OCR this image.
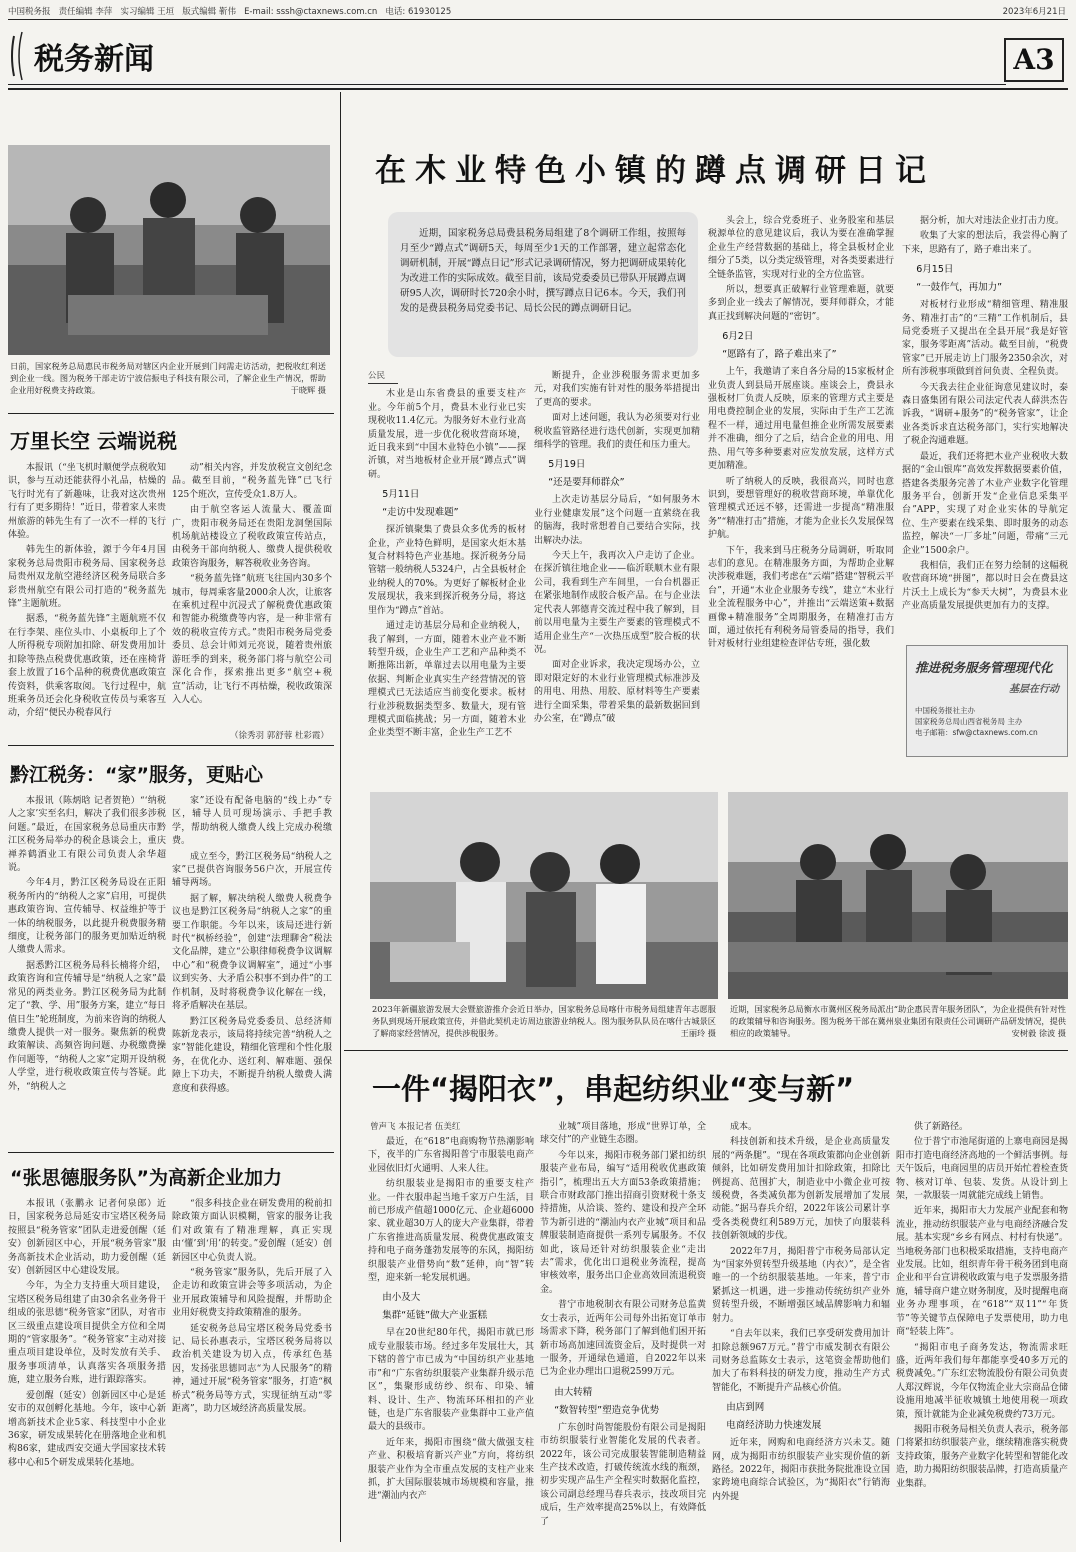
中国税务报 责任编辑 李萍 实习编辑 王垣 版式编辑 靳伟 E-mail: sssh@ctaxnews.com.cn 电话: 61930125	2023年6月21日
税务新闻	A3
日前，国家税务总局惠民市税务局对辖区内企业开展到门问需走访活动，把税收红利送到企业一线。图为税务干部走访宁波信振电子科技有限公司，了解企业生产情况，帮助企业用好税费支持政策。	于晓辉 摄
万里长空 云端说税

本报讯（“坐飞机时顺便学点税收知识，参与互动还能获得小礼品，枯燥的飞行时光有了新趣味，让我对这次贵州行有了更多期待！”近日，带着家人来贵州旅游的韩先生有了一次不一样的飞行体验。

韩先生的新体验，源于今年4月国家税务总局贵阳市税务局、国家税务总局贵州双龙航空港经济区税务局联合多彩贵州航空有限公司打造的“税务蓝先锋”主题航班。

据悉，“税务蓝先锋”主题航班不仅在行李架、座位头巾、小桌板印上了个人所得税专项附加扣除、研发费用加计扣除等热点税费优惠政策，还在座椅背套上放置了16个品种的税费优惠政策宣传资料，供乘客取阅。飞行过程中，航班乘务员还会化身税收宣传员与乘客互动，介绍“便民办税春风行

动”相关内容，并发放税宣文创纪念品。截至目前，“税务蓝先锋”已飞行125个班次，宣传受众1.8万人。

由于航空客运人流量大、覆盖面广，贵阳市税务局还在贵阳龙洞堡国际机场航站楼设立了税收政策宣传站点，由税务干部向纳税人、缴费人提供税收政策咨询服务，解答税收业务咨询。

“税务蓝先锋”航班飞往国内30多个城市，每周乘客量2000余人次，让旅客在乘机过程中沉浸式了解税费优惠政策和智能办税缴费等内容，是一种非常有效的税收宣传方式。”贵阳市税务局党委委员、总会计师刘元亮说，随着贵州旅游旺季的到来，税务部门将与航空公司深化合作，探索推出更多“航空+税宣”活动，让飞行不再枯燥，税收政策深入人心。

（徐秀羽 郭舒蓉 杜彩霞）
黔江税务：“家”服务，更贴心

本报讯（陈炳晗 记者贺艳）“‘纳税人之家’实至名归，解决了我们很多涉税问题。”最近，在国家税务总局重庆市黔江区税务局举办的税企恳谈会上，重庆禅养鹤酒业工有限公司负责人余华超说。

今年4月，黔江区税务局设在正阳税务所内的“纳税人之家”启用，可提供惠政策咨询、宣传辅导、权益维护等于一体的纳税服务，以此提升税费服务精细度，让税务部门的服务更加贴近纳税人缴费人需求。

据悉黔江区税务局科长楠将介绍，政策咨询和宣传辅导是“纳税人之家”最常见的两类业务。黔江区税务局为此制定了“教、学、用”服务方案，建立“每日值日生”轮班制度，为前来咨询的纳税人缴费人提供一对一服务。聚焦新的税费政策解读、高频咨询问题、办税缴费操作问题等，“纳税人之家”定期开设纳税人学堂，进行税收政策宣传与答疑。此外，“纳税人之

家”还设有配备电脑的“线上办”专区，辅导人员可现场演示、手把手教学，帮助纳税人缴费人线上完成办税缴费。

成立至今，黔江区税务局“纳税人之家”已提供咨询服务56户次，开展宣传辅导两场。

据了解，解决纳税人缴费人税费争议也是黔江区税务局“纳税人之家”的重要工作职能。今年以来，该局还进行新时代“枫桥经验”，创建“法理聊舍”税法文化品牌，建立“公职律师税费争议调解中心”和“税费争议调解室”，通过“小事议到实务、大矛盾公积事不到办件”的工作机制，及时将税费争议化解在一线，将矛盾解决在基层。

黔江区税务局党委委员、总经济师陈新龙表示，该局将持续完善“纳税人之家”智能化建设，精细化管理和个性化服务，在优化办、送红利、解难题、强保障上下功夫，不断提升纳税人缴费人满意度和获得感。

“张思德服务队”为高新企业加力

本报讯（张鹏永 记者何泉郎）近日，国家税务总局延安市宝塔区税务局按照县“税务管家”团队走进爱创醒（延安）创新园区中心，开展“税务管家”服务高新技术企业活动，助力爱创醒（延安）创新园区中心建设发展。

今年，为全力支持重大项目建设，宝塔区税务局组建了由30余名业务骨干组成的张思德“税务管家”团队，对省市区三级重点建设项目提供全方位和全周期的“管家服务”。“税务管家”主动对接重点项目建设单位，及时发放有关手、服务事项清单，认真落实各项服务措施，建立服务台账，进行跟踪落实。

爱创醒（延安）创新园区中心是延安市的双创孵化基地。今年，该中心新增高新技术企业5家、科技型中小企业36家，研发成果转化在册落地企业和机构86家，建成西安交通大学国家技术转移中心和5个研发成果转化基地。

“很多科技企业在研发费用的税前扣除政策方面认识模糊，管家的服务让我们对政策有了精准理解，真正实现由‘懂’到‘用’的转变。”爱创醒（延安）创新园区中心负责人说。

“税务管家”服务队，先后开展了入企走访和政策宣讲会等多项活动，为企业开展政策辅导和风险提醒，并帮助企业用好税费支持政策精准的服务。

延安税务总局宝塔区税务局党委书记、局长孙惠表示，宝塔区税务局将以政治机关建设为切入点，传承红色基因，发扬张思德同志“为人民服务”的精神，通过开展“税务管家”服务，打造“枫桥式”税务局等方式，实现征纳互动“零距离”，助力区域经济高质量发展。

在木业特色小镇的蹲点调研日记
近期，国家税务总局费县税务局组建了8个调研工作组，按照每月至少“蹲点式”调研5天，每周至少1天的工作部署，建立起常态化调研机制，开展“蹲点日记”形式记录调研情况，努力把调研成果转化为改进工作的实际成效。截至目前，该局党委委员已带队开展蹲点调研95人次，调研时长720余小时，撰写蹲点日记6本。今天，我们刊发的是费县税务局党委书记、局长公民的蹲点调研日记。
公民

木业是山东省费县的重要支柱产业。今年前5个月，费县木业行业已实现税收11.4亿元。为服务好木业行业高质量发展，进一步优化税收营商环境，近日我来到“中国木业特色小镇”——探沂镇，对当地板材企业开展“蹲点式”调研。

5月11日
“走访中发现难题”

探沂镇聚集了费县众多优秀的板材企业，产业特色鲜明，是国家火炬木基复合材料特色产业基地。探沂税务分局管辖一般纳税人5324户，占全县板材企业纳税人的70%。为更好了解板材企业发展现状，我来到探沂税务分局，将这里作为“蹲点”首站。

通过走访基层分局和企业纳税人，我了解到，一方面，随着木业产业不断转型升级，企业生产工艺和产品种类不断推陈出新，单靠过去以用电量为主要依据、判断企业真实生产经营情况的管理模式已无法适应当前变化要求。板材行业涉税数据类型多、数量大，现有管理模式面临挑战；另一方面，随着木业企业类型不断丰富，企业生产工艺不

断提升，企业涉税服务需求更加多元，对我们实施有针对性的服务举措提出了更高的要求。

面对上述问题，我认为必须要对行业税收监管路径进行迭代创新，实现更加精细科学的管理。我们的责任和压力重大。

5月19日
“还是要拜师群众”

上次走访基层分局后，“如何服务木业行业健康发展”这个问题一直萦绕在我的脑海，我时常想着自己要结合实际，找出解决办法。

今天上午，我再次入户走访了企业。在探沂镇往地企业——临沂联顺木业有限公司，我看到生产车间里，一台台机器正在紧张地制作成胶合板产品。在与企业法定代表人郭德青交流过程中我了解到，目前以用电量为主要生产要素的管理模式不适用企业生产“一次热压成型”胶合板的状况。

面对企业诉求，我决定现场办公，立即对限定好的木业行业管理模式标准涉及的用电、用热、用胶、原材料等生产要素进行全面采集，带着采集的最新数据回到办公室，在“蹲点”破

头会上，综合党委班子、业务股室和基层税源单位的意见建议后，我认为要在准确掌握企业生产经营数据的基础上，将全县板材企业细分了5类，以分类定级管理，对各类要素进行全链条监管，实现对行业的全方位监管。

所以，想要真正破解行业管理难题，就要多到企业一线去了解情况，要拜师群众，才能真正找到解决问题的“密钥”。

6月2日
“愿路有了，路子难出来了”

上午，我邀请了来自各分局的15家板材企业负责人到县局开展座谈。座谈会上，费县永强板材厂负责人反映，原来的管理方式主要是用电费控制企业的发展，实际由于生产工艺流程不一样，通过用电量但推企业所需发展要素并不准确，细分了之后，结合企业的用电、用热、用气等多种要素对应发放发展，这样方式更加精准。

听了纳税人的反映，我很高兴，同时也意识到，要想管理好的税收营商环境，单靠优化管理模式还远不够，还需进一步提高“精准服务”“精准打击”措施，才能为企业长久发展保驾护航。

下午，我来到马庄税务分局调研，听取同志们的意见。在精准服务方面，为帮助企业解决涉税难题，我们考虑在“云端”搭建“智税云平台”，开通“木业企业服务专线”，建立“木业行业全流程服务中心”，并推出“云端送策+数据画像+精准服务”全周期服务，在精准打击方面，通过依托有利税务局管委局的指导，我们针对板材行业组建检查评估专班，强化数

据分析，加大对违法企业打击力度。

收集了大家的想法后，我尝得心胸了下来，思路有了，路子难出来了。

6月15日
“一鼓作气，再加力”

对板材行业形成“精细管理、精准服务、精准打击”的“三精”工作机制后，县局党委班子又提出在全县开展“我是好管家，服务零距离”活动。截至目前，“税费管家”已开展走访上门服务2350余次，对所有涉税事项做到首问负责、全程负责。

今天我去往企业征询意见建议时，泰森日盛集团有限公司法定代表人薛洪杰告诉我，“调研+服务”的“税务管家”，让企业各类诉求直达税务部门，实行实地解决了税企沟通难题。

最近，我们还将把木业产业税收大数据的“金山银库”高效发挥数据要素价值，搭建各类服务完善了木业产业数字化管理服务平台，创新开发“企业信息采集平台”APP，实现了对企业实体的导航定位、生产要素在线采集、即时服务的动态监控，解决“一厂多址”问题，带痛“三元企业”1500余户。

我相信，我们正在努力绘制的这幅税收营商环境“拼图”，都以时日会在费县这片沃土上成长为“参天大树”，为费县木业产业高质量发展提供更加有力的支撑。

推进税务服务管理现代化
基层在行动
中国税务报社主办
国家税务总局山西省税务局 主办
电子邮箱：sfw@ctaxnews.com.cn
2023年新疆旅游发展大会暨旅游推介会近日举办，国家税务总局喀什市税务局组建青年志愿服务队到现场开展政策宣传，并借此契机走访周边旅游业纳税人。图为服务队队员在喀什古城景区了解商家经营情况，提供涉税服务。	王丽玲 摄
近期，国家税务总局衡水市冀州区税务局派出“助企惠民青年服务团队”，为企业提供有针对性的政策辅导和咨询服务。图为税务干部在冀州泉业集团有限责任公司调研产品研发情况，提供相应的政策辅导。	安树毅 徐波 摄
一件“揭阳衣”，串起纺织业“变与新”
曾声飞 本报记者 伍美红

最近，在“618”电商购物节热潮影响下，夜半的广东省揭阳普宁市服装电商产业园依旧灯火通明、人来人往。

纺织服装业是揭阳市的重要支柱产业。一件衣服串起当地千家万户生活，目前已形成产值超1000亿元、企业超6000家、就业超30万人的庞大产业集群，带着广东省推进高质量发展、税费优惠政策支持和电子商务蓬勃发展等的东风，揭阳纺织服装产业借势向“数”延伸，向“智”转型，迎来新一轮发展机遇。

由小及大
集群“延链”做大产业蛋糕

早在20世纪80年代，揭阳市就已形成专业服装市场。经过多年发展壮大，其下辖的普宁市已成为“中国纺织产业基地市”和“广东省纺织服装产业集群升级示范区”，集聚形成纺纱、织布、印染、辅料、设计、生产、物流环环相扣的产业链，也是广东省服装产业集群中工业产值最大的县级市。

近年来，揭阳市围绕“做大做强支柱产业、积极培育新兴产业”方向，将纺织服装产业作为全市重点发展的支柱产业来抓，扩大国际服装城市场规模和容量，推进“潮汕内衣产

业城”项目落地，形成“世界订单，全球交付”的产业链生态圈。

今年以来，揭阳市税务部门紧扣纺织服装产业布局，编写“适用税收优惠政策指引”，梳理出五大方面53条政策措施；联合市财政部门推出招商引资财税十条支持措施，从洽谈、签约、建设和投产全环节为新引进的“潮汕内衣产业城”项目和品牌服装制造商提供一系列专属服务。不仅如此，该局还针对纺织服装企业“走出去”需求，优化出口退税业务流程，提高审核效率，服务出口企业高效回流退税资金。

普宁市地税制衣有限公司财务总监黄女士表示，近两年公司每外出拓宽订单市场需求下降，税务部门了解到他们困开拓新市场高加速回流资金后，及时提供一对一服务，开通绿色通道，自2022年以来已为企业办理出口退税2599万元。

由大转精
“数智转型”塑造竞争优势

广东创时尚智能股份有限公司是揭阳市纺织服装行业智能化发展的代表者。2022年，该公司完成服装智能制造精益生产技术改造，打破传统流水线的瓶颈，初步实现产品生产全程实时数据化监控，该公司副总经理马春兵表示，技改项目完成后，生产效率提高25%以上，有效降低了

成本。

科技创新和技术升级，是企业高质量发展的“两条腿”。“现在各项政策都向企业创新倾斜，比如研发费用加计扣除政策，扣除比例提高、范围扩大，制造业中小微企业可按缓税费，各类减负都为创新发展增加了发展动能。”据马春兵介绍，2022年该公司累计享受各类税费红利589万元，加快了向服装科技创新领域的步伐。

2022年7月，揭阳普宁市税务局部认定为“国家外贸转型升级基地（内衣）”，是全省唯一的一个纺织服装基地。一年来，普宁市紧抓这一机遇，进一步推动传统纺织产业外贸转型升级，不断增强区域品牌影响力和辐射力。

“自去年以来，我们已享受研发费用加计扣除总额967万元。”普宁市威发制衣有限公司财务总监陈女士表示，这笔资金帮助他们加大了布料科技的研发力度，推动生产方式智能化，不断提升产品核心价值。

由店到网
电商经济助力快速发展

近年来，网购和电商经济方兴未艾。随网，成为揭阳市纺织服装产业实现价值的新路径。2022年，揭阳市获批务院批准设立国家跨境电商综合试验区，为“揭阳衣”行销海内外提

供了新路径。

位于普宁市池尾街道的上寨电商园是揭阳市打造电商经济高地的一个鲜活事例。每天午饭后，电商园里的店员开始忙着检查货物、核对订单、包装、发货。从设计到上架，一款服装一周就能完成线上销售。

近年来，揭阳市大力发展产业配套和物流业，推动纺织服装产业与电商经济融合发展。基本实现“乡乡有网点、村村有快递”。当地税务部门也积极采取措施，支持电商产业发展。比如，组织青年骨干税务团到电商企业和平台宣讲税收政策与电子发票服务措施，辅导商户建立财务制度，及时提醒电商业务办理事项，在“618”“双11”“年货节”等关键节点保障电子发票使用，助力电商“轻装上阵”。

“揭阳市电子商务发达，物流需求旺盛，近两年我们每年都能享受40多万元的税费减免。”广东红宏物流股份有限公司负责人郑汉辉说，今年仅物流企业大宗商品仓储设施用地减半征收城镇土地使用税一项政策，预计就能为企业减免税费约73万元。

揭阳市税务局相关负责人表示，税务部门将紧扣纺织服装产业，继续精准落实税费支持政策，服务产业数字化转型和智能化改造，助力揭阳纺织服装品牌，打造高质量产业集群。
